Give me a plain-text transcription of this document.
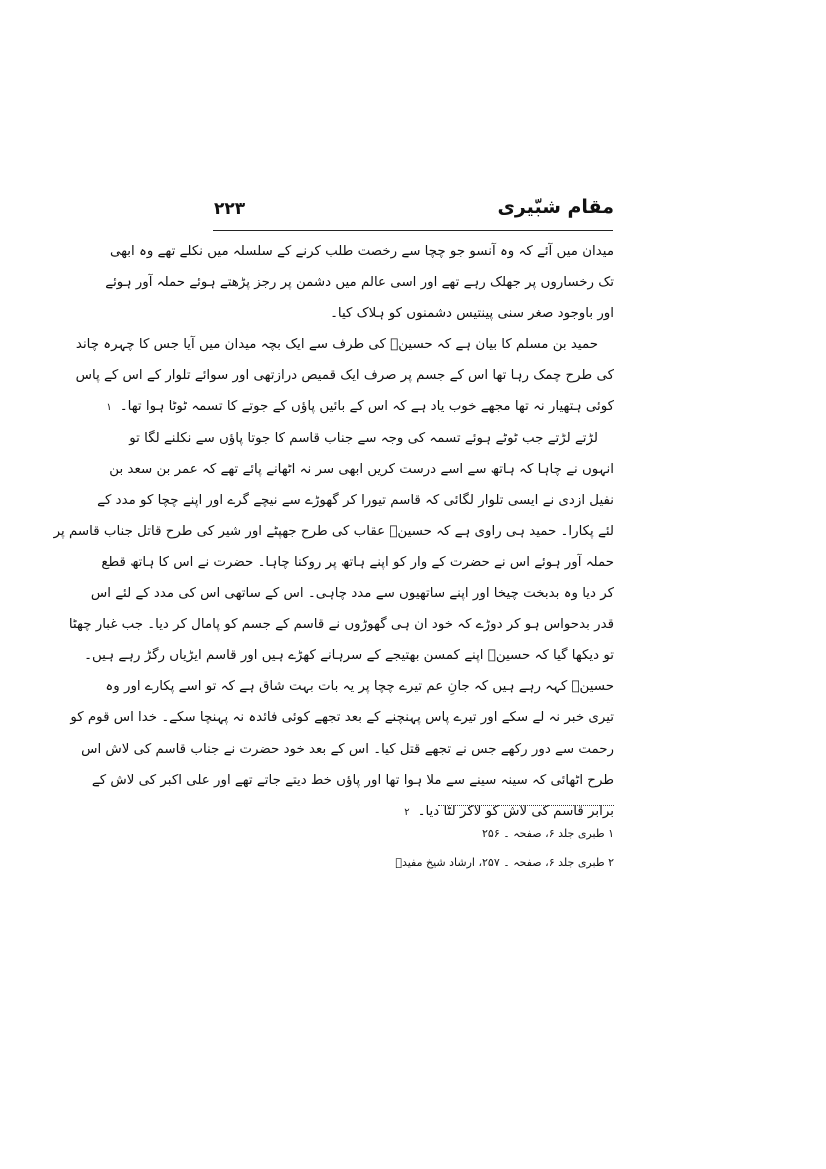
مقام شبّیری
۲۲۳
میدان میں آئے کہ وہ آنسو جو چچا سے رخصت طلب کرنے کے سلسلہ میں نکلے تھے وہ ابھی
تک رخساروں پر جھلک رہے تھے اور اسی عالم میں دشمن پر رجز پڑھتے ہوئے حملہ آور ہوئے
اور باوجود صغر سنی پینتیس دشمنوں کو ہلاک کیا۔
حمید بن مسلم کا بیان ہے کہ حسینؑ کی طرف سے ایک بچہ میدان میں آیا جس کا چہرہ چاند
کی طرح چمک رہا تھا اس کے جسم پر صرف ایک قمیص درازتھی اور سوائے تلوار کے اس کے پاس
کوئی ہتھیار نہ تھا مجھے خوب یاد ہے کہ اس کے بائیں پاؤں کے جوتے کا تسمہ ٹوٹا ہوا تھا۔۱
لڑتے لڑتے جب ٹوٹے ہوئے تسمہ کی وجہ سے جناب قاسم کا جوتا پاؤں سے نکلنے لگا تو
انہوں نے چاہا کہ ہاتھ سے اسے درست کریں ابھی سر نہ اٹھانے پائے تھے کہ عمر بن سعد بن
نفیل ازدی نے ایسی تلوار لگائی کہ قاسم تیورا کر گھوڑے سے نیچے گرے اور اپنے چچا کو مدد کے
لئے پکارا۔ حمید ہی راوی ہے کہ حسینؑ عقاب کی طرح جھپٹے اور شیر کی طرح قاتل جناب قاسم پر
حملہ آور ہوئے اس نے حضرت کے وار کو اپنے ہاتھ پر روکنا چاہا۔ حضرت نے اس کا ہاتھ قطع
کر دیا وہ بدبخت چیخا اور اپنے ساتھیوں سے مدد چاہی۔ اس کے ساتھی اس کی مدد کے لئے اس
قدر بدحواس ہو کر دوڑے کہ خود ان ہی گھوڑوں نے قاسم کے جسم کو پامال کر دیا۔ جب غبار چھٹا
تو دیکھا گیا کہ حسینؑ اپنے کمسن بھتیجے کے سرہانے کھڑے ہیں اور قاسم ایڑیاں رگڑ رہے ہیں۔
حسینؑ کہہ رہے ہیں کہ جانِ عم تیرے چچا پر یہ بات بہت شاق ہے کہ تو اسے پکارے اور وہ
تیری خبر نہ لے سکے اور تیرے پاس پہنچنے کے بعد تجھے کوئی فائدہ نہ پہنچا سکے۔ خدا اس قوم کو
رحمت سے دور رکھے جس نے تجھے قتل کیا۔ اس کے بعد خود حضرت نے جناب قاسم کی لاش اس
طرح اٹھائی کہ سینہ سینے سے ملا ہوا تھا اور پاؤں خط دیتے جاتے تھے اور علی اکبر کی لاش کے
برابر قاسم کی لاش کو لاکر لٹا دیا۔۲
۱ طبری جلد ۶، صفحہ ۔ ۲۵۶
۲ طبری جلد ۶، صفحہ ۔ ۲۵۷، ارشاد شیخ مفیدؒ
